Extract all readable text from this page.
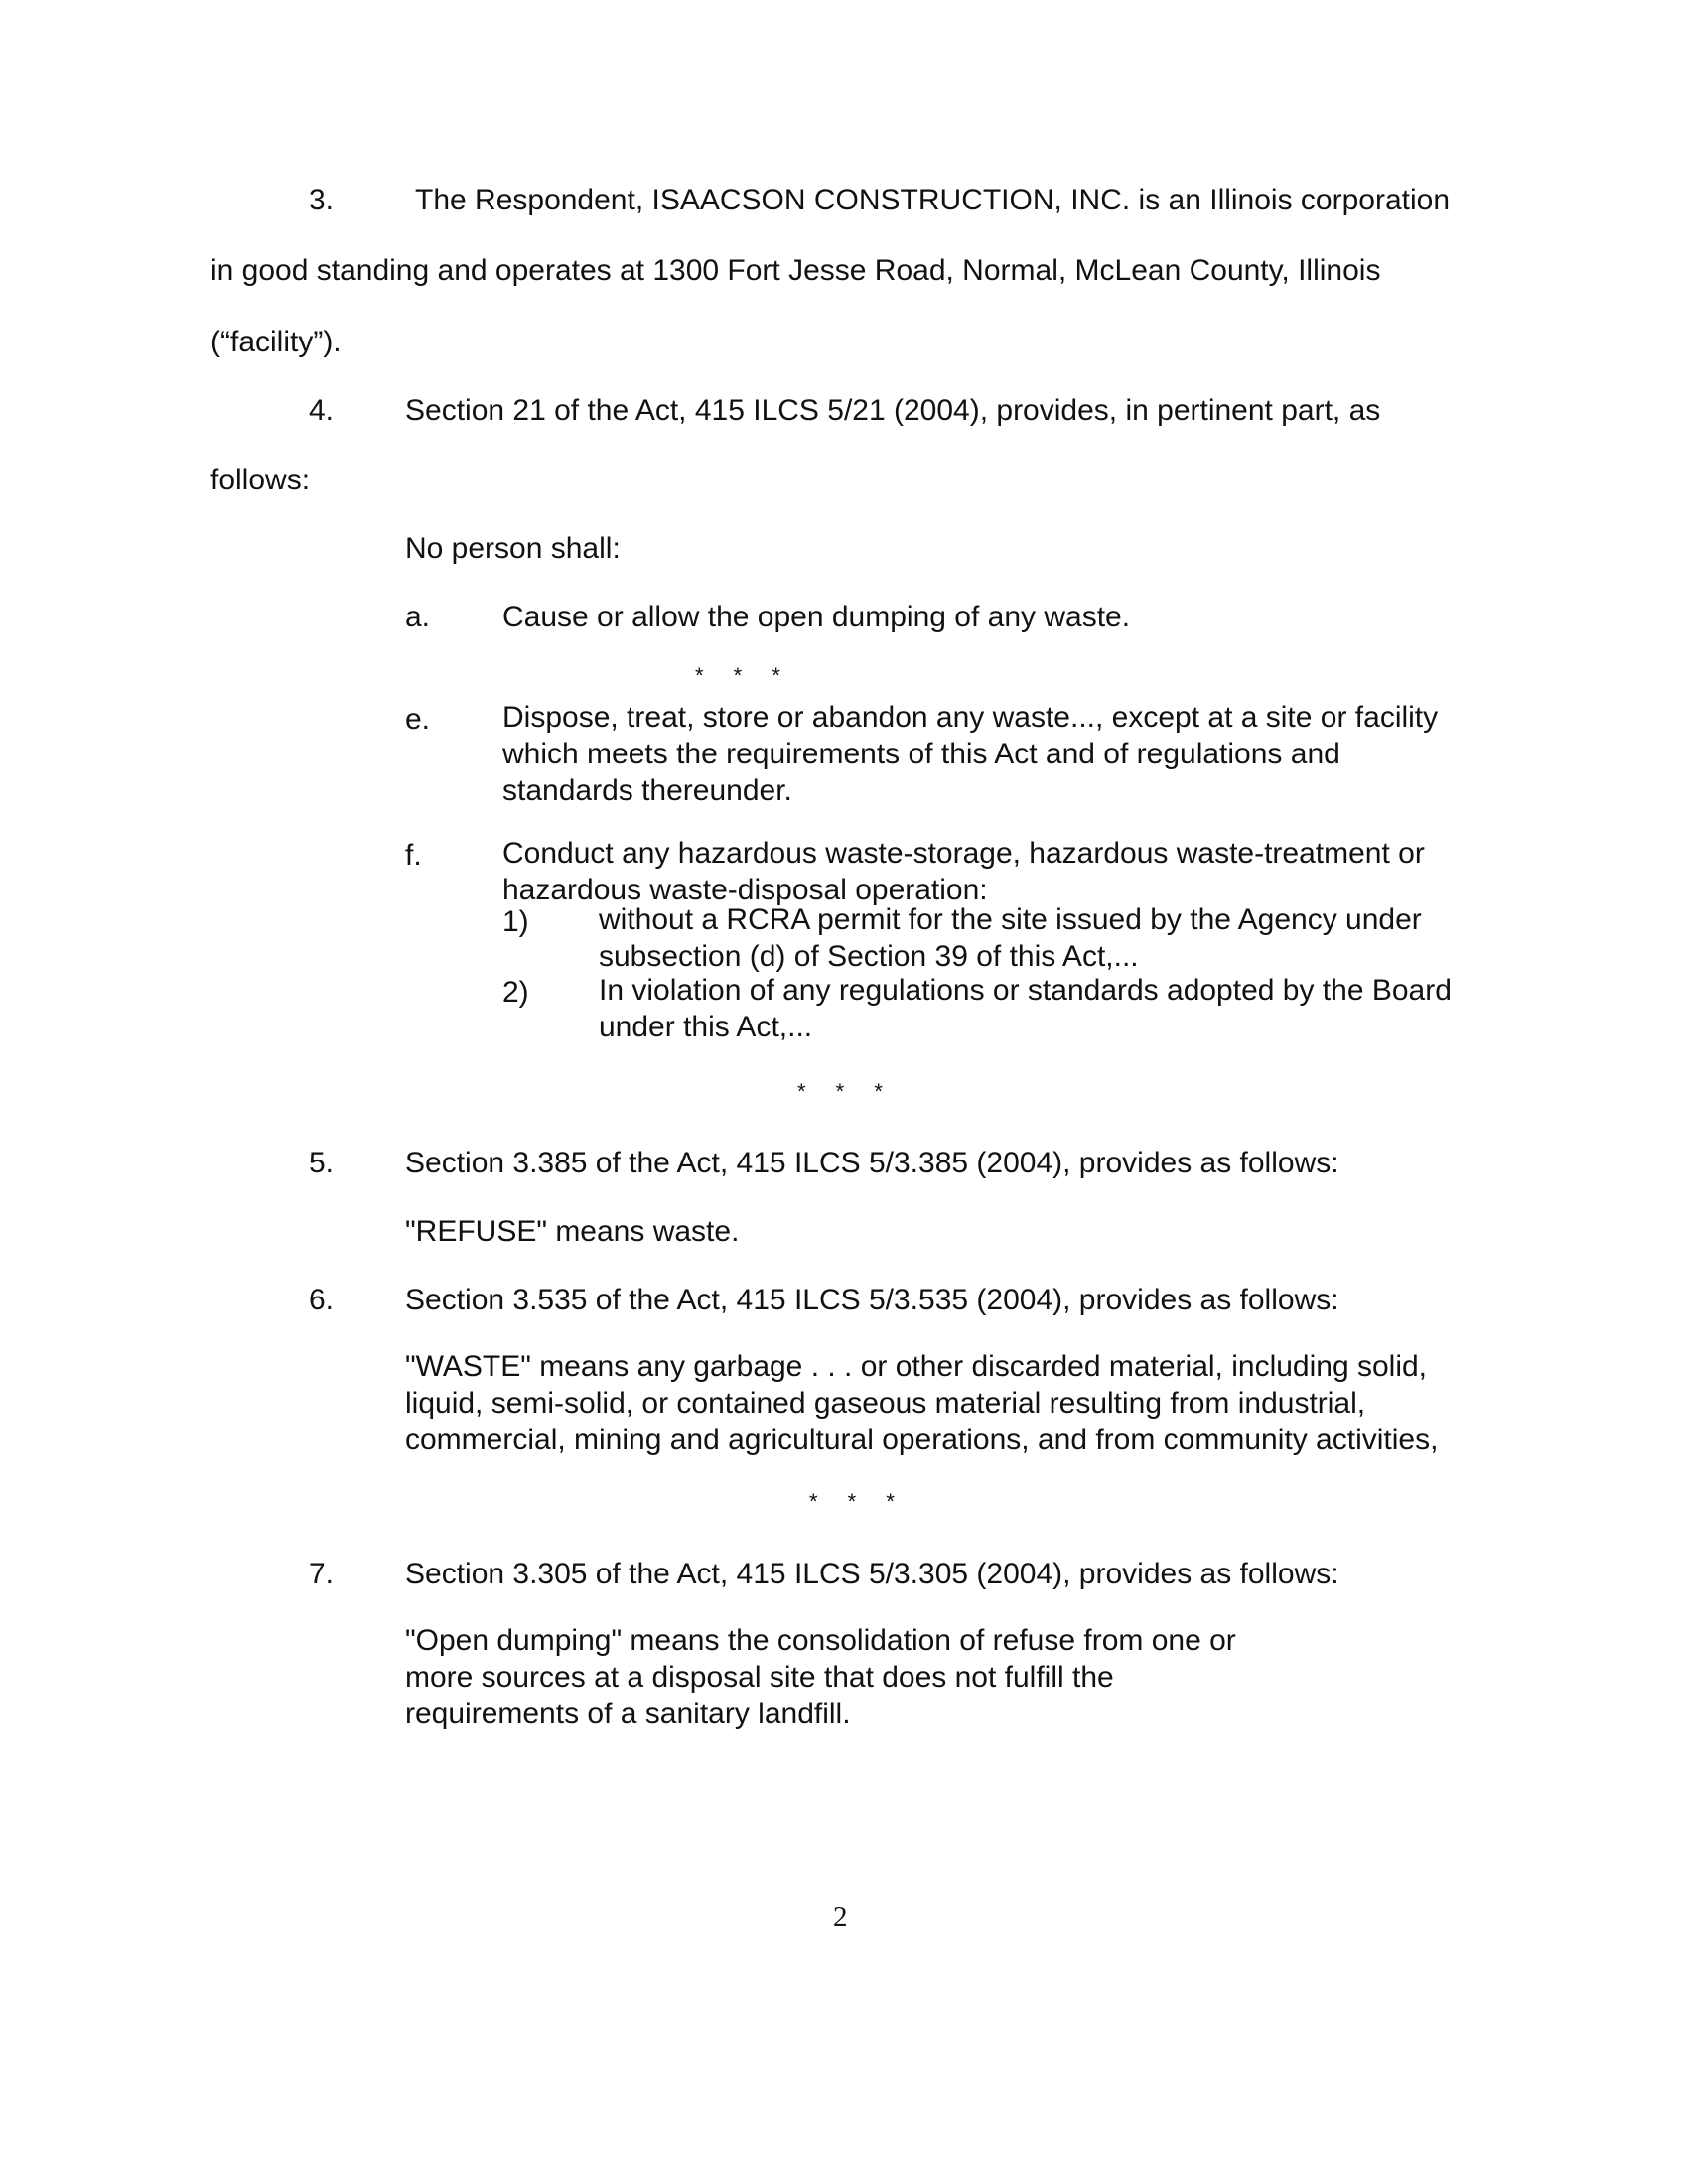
3.	The Respondent, ISAACSON CONSTRUCTION, INC. is an Illinois corporation
in good standing and operates at 1300 Fort Jesse Road, Normal, McLean County, Illinois
(“facility”).
4. Section 21 of the Act, 415 ILCS 5/21 (2004), provides, in pertinent part, as
follows:
No person shall:
a. Cause or allow the open dumping of any waste.
* * *
e. Dispose, treat, store or abandon any waste..., except at a site or facility which meets the requirements of this Act and of regulations and standards thereunder.
f.	Conduct any hazardous waste-storage, hazardous waste-treatment or hazardous waste-disposal operation:
1) without a RCRA permit for the site issued by the Agency under subsection (d) of Section 39 of this Act,...
2) In violation of any regulations or standards adopted by the Board under this Act,...
* * *
5. Section 3.385 of the Act, 415 ILCS 5/3.385 (2004), provides as follows:
"REFUSE" means waste.
6. Section 3.535 of the Act, 415 ILCS 5/3.535 (2004), provides as follows:
"WASTE" means any garbage . . . or other discarded material, including solid, liquid, semi-solid, or contained gaseous material resulting from industrial, commercial, mining and agricultural operations, and from community activities,
* * *
7. Section 3.305 of the Act, 415 ILCS 5/3.305 (2004), provides as follows:
"Open dumping" means the consolidation of refuse from one or more sources at a disposal site that does not fulfill the requirements of a sanitary landfill.
2
